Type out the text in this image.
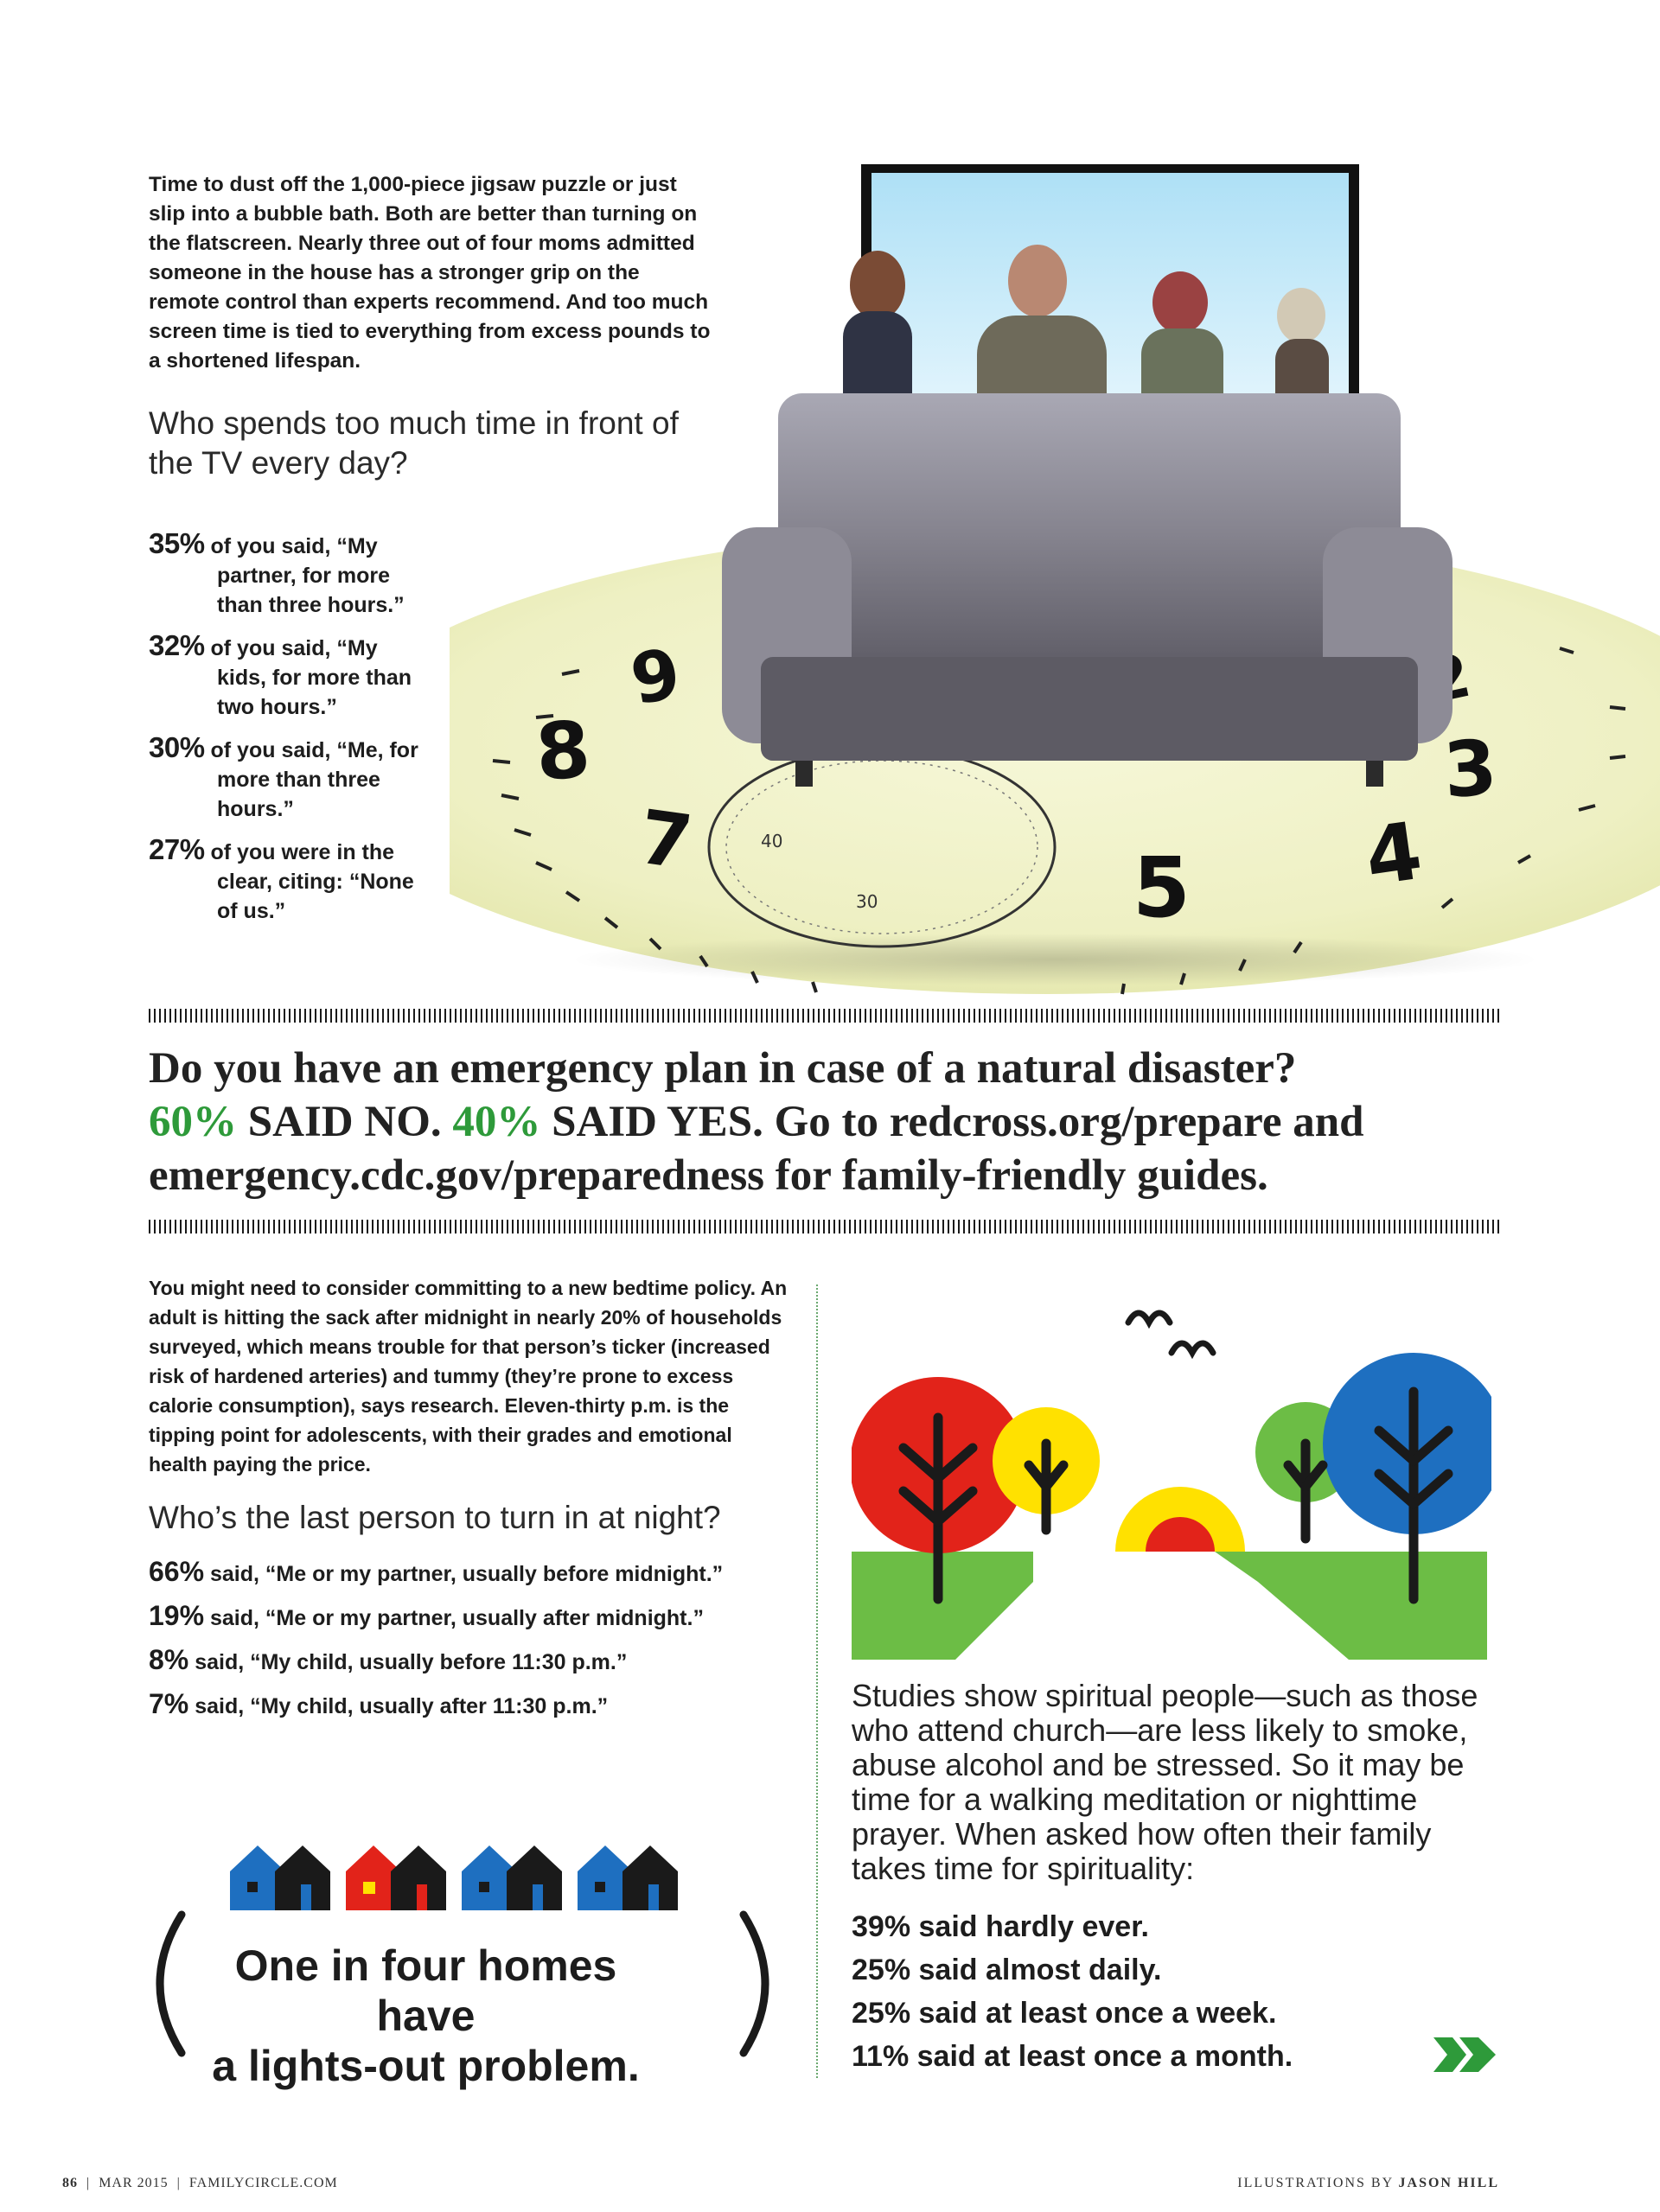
Time to dust off the 1,000-piece jigsaw puzzle or just slip into a bubble bath. Both are better than turning on the flatscreen. Nearly three out of four moms admitted someone in the house has a stronger grip on the remote control than experts recommend. And too much screen time is tied to everything from excess pounds to a shortened lifespan.
Who spends too much time in front of the TV every day?
35% of you said, “My
partner, for more
than three hours.”
32% of you said, “My
kids, for more than
two hours.”
30% of you said, “Me, for
more than three
hours.”
27% of you were in the
clear, citing: “None
of us.”
9
8
7	5 4
3
40
30
Do you have an emergency plan in case of a natural disaster?
60% SAID NO. 40% SAID YES. Go to redcross.org/prepare and
emergency.cdc.gov/preparedness for family-friendly guides.
You might need to consider committing to a new bedtime policy. An adult is hitting the sack after midnight in nearly 20% of households surveyed, which means trouble for that person’s ticker (increased risk of hardened arteries) and tummy (they’re prone to excess calorie consumption), says research. Eleven-thirty p.m. is the tipping point for adolescents, with their grades and emotional health paying the price.
Who’s the last person to turn in at night?
66% said, “Me or my partner, usually before midnight.”
19% said, “Me or my partner, usually after midnight.”
8% said, “My child, usually before 11:30 p.m.”
7% said, “My child, usually after 11:30 p.m.”
One in four homes have
a lights-out problem.
Studies show spiritual people—such as those who attend church—are less likely to smoke, abuse alcohol and be stressed. So it may be time for a walking meditation or nighttime prayer. When asked how often their family takes time for spirituality:
39% said hardly ever.
25% said almost daily.
25% said at least once a week.
11% said at least once a month.
86  |  MAR 2015  |  FAMILYCIRCLE.COM	ILLUSTRATIONS BY JASON HILL
